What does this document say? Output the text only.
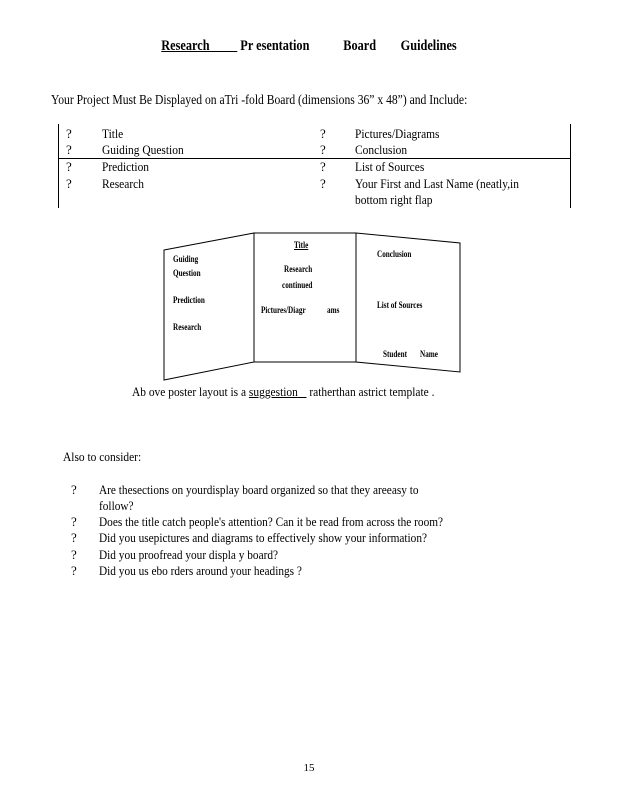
Research Pr esentation Board Guidelines
Your Project Must Be Displayed on aTri -fold Board (dimensions 36” x 48”) and Include:
?
?
?
?
Title
Guiding Question
Prediction
Research
?
?
?
?
Pictures/Diagrams
Conclusion
List of Sources
Your First and Last Name (neatly,in
bottom right flap
Guiding
Question
Prediction
Research
Title
Research
continued
Pictures/Diagr ams
Conclusion
List of Sources
Student Name
Ab ove poster layout is a suggestion    ratherthan astrict template .
Also to consider:
?
?
?
?
?
Are thesections on yourdisplay board organized so that they areeasy to
follow?
Does the title catch people's attention? Can it be read from across the room?
Did you usepictures and diagrams to effectively show your information?
Did you proofread your displa y board?
Did you us ebo rders around your headings ?
15
